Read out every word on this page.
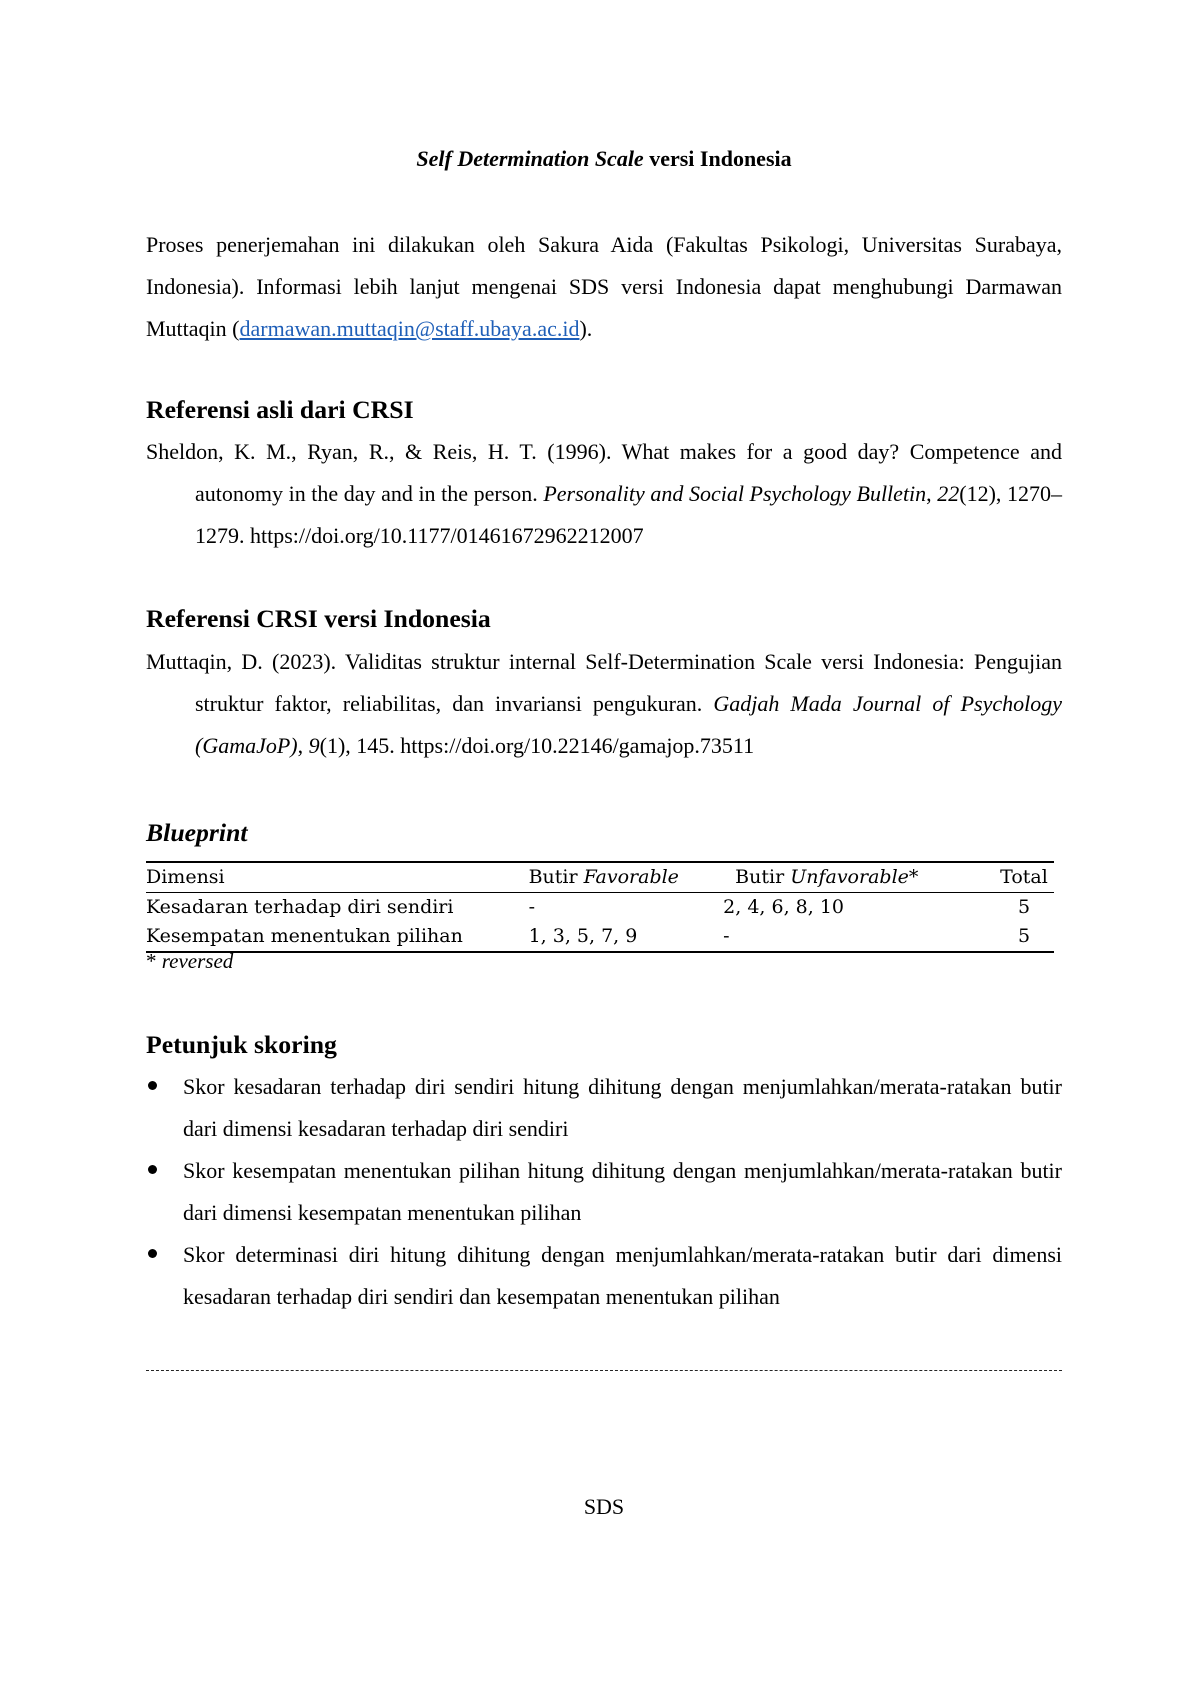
Self Determination Scale versi Indonesia

Proses penerjemahan ini dilakukan oleh Sakura Aida (Fakultas Psikologi, Universitas Surabaya, Indonesia). Informasi lebih lanjut mengenai SDS versi Indonesia dapat menghubungi Darmawan Muttaqin (darmawan.muttaqin@staff.ubaya.ac.id).

Referensi asli dari CRSI

Sheldon, K. M., Ryan, R., & Reis, H. T. (1996). What makes for a good day? Competence and autonomy in the day and in the person. Personality and Social Psychology Bulletin, 22(12), 1270–1279. https://doi.org/10.1177/01461672962212007

Referensi CRSI versi Indonesia

Muttaqin, D. (2023). Validitas struktur internal Self-Determination Scale versi Indonesia: Pengujian struktur faktor, reliabilitas, dan invariansi pengukuran. Gadjah Mada Journal of Psychology (GamaJoP), 9(1), 145. https://doi.org/10.22146/gamajop.73511

Blueprint
Dimensi	Butir Favorable	Butir Unfavorable*	Total
Kesadaran terhadap diri sendiri	-	2, 4, 6, 8, 10	5
Kesempatan menentukan pilihan	1, 3, 5, 7, 9	-	5
* reversed
Petunjuk skoring
Skor kesadaran terhadap diri sendiri hitung dihitung dengan menjumlahkan/merata-ratakan butir dari dimensi kesadaran terhadap diri sendiri
Skor kesempatan menentukan pilihan hitung dihitung dengan menjumlahkan/merata-ratakan butir dari dimensi kesempatan menentukan pilihan
Skor determinasi diri hitung dihitung dengan menjumlahkan/merata-ratakan butir dari dimensi kesadaran terhadap diri sendiri dan kesempatan menentukan pilihan
SDS
